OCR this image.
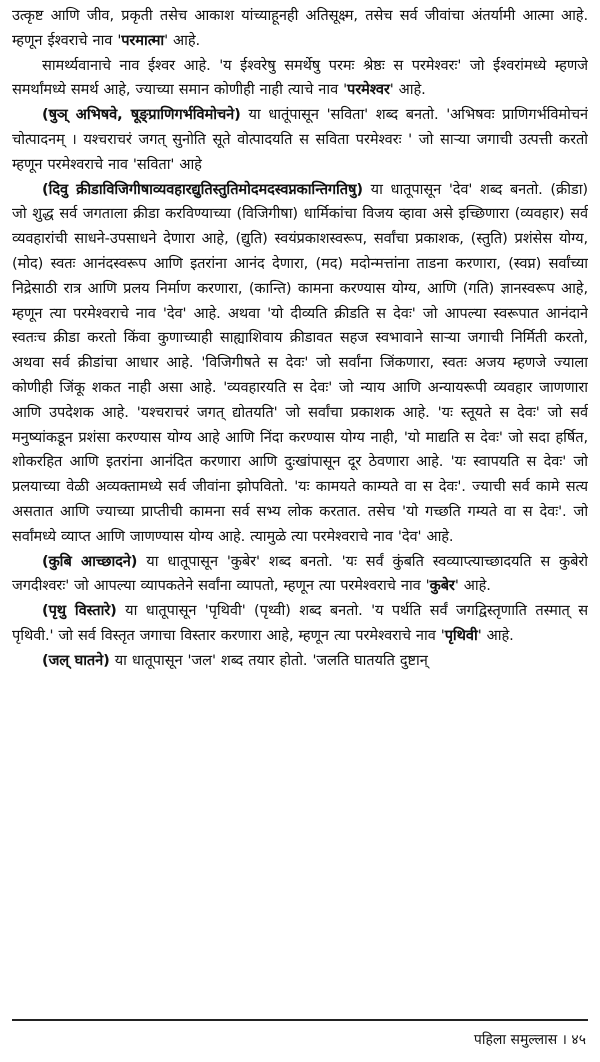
उत्कृष्ट आणि जीव, प्रकृती तसेच आकाश यांच्याहूनही अतिसूक्ष्म, तसेच सर्व जीवांचा अंतर्यामी आत्मा आहे. म्हणून ईश्वराचे नाव 'परमात्मा' आहे.

सामर्थ्यवानाचे नाव ईश्वर आहे. 'य ईश्वरेषु समर्थेषु परमः श्रेष्ठः स परमेश्वरः' जो ईश्वरांमध्ये म्हणजे समर्थांमध्ये समर्थ आहे, ज्याच्या समान कोणीही नाही त्याचे नाव 'परमेश्वर' आहे.

(षुञ् अभिषवे, षूङ्प्राणिगर्भविमोचने) या धातूंपासून 'सविता' शब्द बनतो. 'अभिषवः प्राणिगर्भविमोचनं चोत्पादनम् । यश्चराचरं जगत् सुनोति सूते वोत्पादयति स सविता परमेश्वरः ' जो साऱ्या जगाची उत्पत्ती करतो म्हणून परमेश्वराचे नाव 'सविता' आहे

(दिवु क्रीडाविजिगीषाव्यवहारद्युतिस्तुतिमोदमदस्वप्नकान्तिगतिषु) या धातूपासून 'देव' शब्द बनतो. (क्रीडा) जो शुद्ध सर्व जगताला क्रीडा करविण्याच्या (विजिगीषा) धार्मिकांचा विजय व्हावा असे इच्छिणारा (व्यवहार) सर्व व्यवहारांची साधने-उपसाधने देणारा आहे, (द्युति) स्वयंप्रकाशस्वरूप, सर्वांचा प्रकाशक, (स्तुति) प्रशंसेस योग्य, (मोद) स्वतः आनंदस्वरूप आणि इतरांना आनंद देणारा, (मद) मदोन्मत्तांना ताडना करणारा, (स्वप्न) सर्वांच्या निद्रेसाठी रात्र आणि प्रलय निर्माण करणारा, (कान्ति) कामना करण्यास योग्य, आणि (गति) ज्ञानस्वरूप आहे, म्हणून त्या परमेश्वराचे नाव 'देव' आहे. अथवा 'यो दीव्यति क्रीडति स देवः' जो आपल्या स्वरूपात आनंदाने स्वतःच क्रीडा करतो किंवा कुणाच्याही साह्याशिवाय क्रीडावत सहज स्वभावाने साऱ्या जगाची निर्मिती करतो, अथवा सर्व क्रीडांचा आधार आहे. 'विजिगीषते स देवः' जो सर्वांना जिंकणारा, स्वतः अजय म्हणजे ज्याला कोणीही जिंकू शकत नाही असा आहे. 'व्यवहारयति स देवः' जो न्याय आणि अन्यायरूपी व्यवहार जाणणारा आणि उपदेशक आहे. 'यश्चराचरं जगत् द्योतयति' जो सर्वांचा प्रकाशक आहे. 'यः स्तूयते स देवः' जो सर्व मनुष्यांकडून प्रशंसा करण्यास योग्य आहे आणि निंदा करण्यास योग्य नाही, 'यो माद्यति स देवः' जो सदा हर्षित, शोकरहित आणि इतरांना आनंदित करणारा आणि दुःखांपासून दूर ठेवणारा आहे. 'यः स्वापयति स देवः' जो प्रलयाच्या वेळी अव्यक्तामध्ये सर्व जीवांना झोपवितो. 'यः कामयते काम्यते वा स देवः'. ज्याची सर्व कामे सत्य असतात आणि ज्याच्या प्राप्तीची कामना सर्व सभ्य लोक करतात. तसेच 'यो गच्छति गम्यते वा स देवः'. जो सर्वांमध्ये व्याप्त आणि जाणण्यास योग्य आहे. त्यामुळे त्या परमेश्वराचे नाव 'देव' आहे.

(कुबि आच्छादने) या धातूपासून 'कुबेर' शब्द बनतो. 'यः सर्वं कुंबति स्वव्याप्त्याच्छादयति स कुबेरो जगदीश्वरः' जो आपल्या व्यापकतेने सर्वांना व्यापतो, म्हणून त्या परमेश्वराचे नाव 'कुबेर' आहे.

(पृथु विस्तारे) या धातूपासून 'पृथिवी' (पृथ्वी) शब्द बनतो. 'य पर्थति सर्वं जगद्विस्तृणाति तस्मात् स पृथिवी.' जो सर्व विस्तृत जगाचा विस्तार करणारा आहे, म्हणून त्या परमेश्वराचे नाव 'पृथिवी' आहे.

(जल् घातने) या धातूपासून 'जल' शब्द तयार होतो. 'जलति घातयति दुष्टान्

पहिला समुल्लास । ४५
